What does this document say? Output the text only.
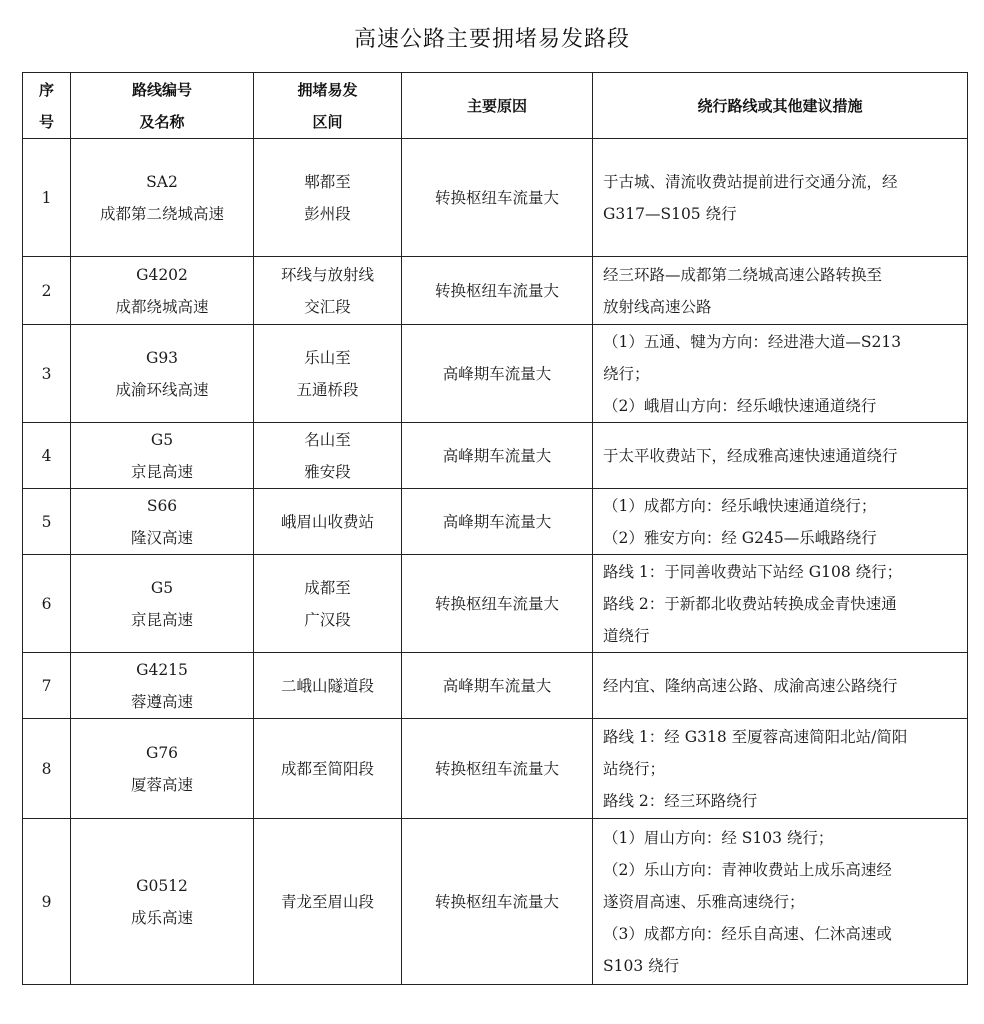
高速公路主要拥堵易发路段
序
号	路线编号
及名称	拥堵易发
区间	主要原因	绕行路线或其他建议措施

1	SA2
成都第二绕城高速	郫都至
彭州段	转换枢纽车流量大	于古城、清流收费站提前进行交通分流，经
G317—S105 绕行

2	G4202
成都绕城高速	环线与放射线
交汇段	转换枢纽车流量大	经三环路—成都第二绕城高速公路转换至
放射线高速公路

3	G93
成渝环线高速	乐山至
五通桥段	高峰期车流量大	（1）五通、犍为方向：经进港大道—S213
绕行；
（2）峨眉山方向：经乐峨快速通道绕行

4	G5
京昆高速	名山至
雅安段	高峰期车流量大	于太平收费站下，经成雅高速快速通道绕行

5	S66
隆汉高速	峨眉山收费站	高峰期车流量大	（1）成都方向：经乐峨快速通道绕行；
（2）雅安方向：经 G245—乐峨路绕行

6	G5
京昆高速	成都至
广汉段	转换枢纽车流量大	路线 1：于同善收费站下站经 G108 绕行；
路线 2：于新都北收费站转换成金青快速通
道绕行

7	G4215
蓉遵高速	二峨山隧道段	高峰期车流量大	经内宜、隆纳高速公路、成渝高速公路绕行

8	G76
厦蓉高速	成都至简阳段	转换枢纽车流量大	路线 1：经 G318 至厦蓉高速简阳北站/简阳
站绕行；
路线 2：经三环路绕行

9	G0512
成乐高速	青龙至眉山段	转换枢纽车流量大	（1）眉山方向：经 S103 绕行；
（2）乐山方向：青神收费站上成乐高速经
遂资眉高速、乐雅高速绕行；
（3）成都方向：经乐自高速、仁沐高速或
S103 绕行
